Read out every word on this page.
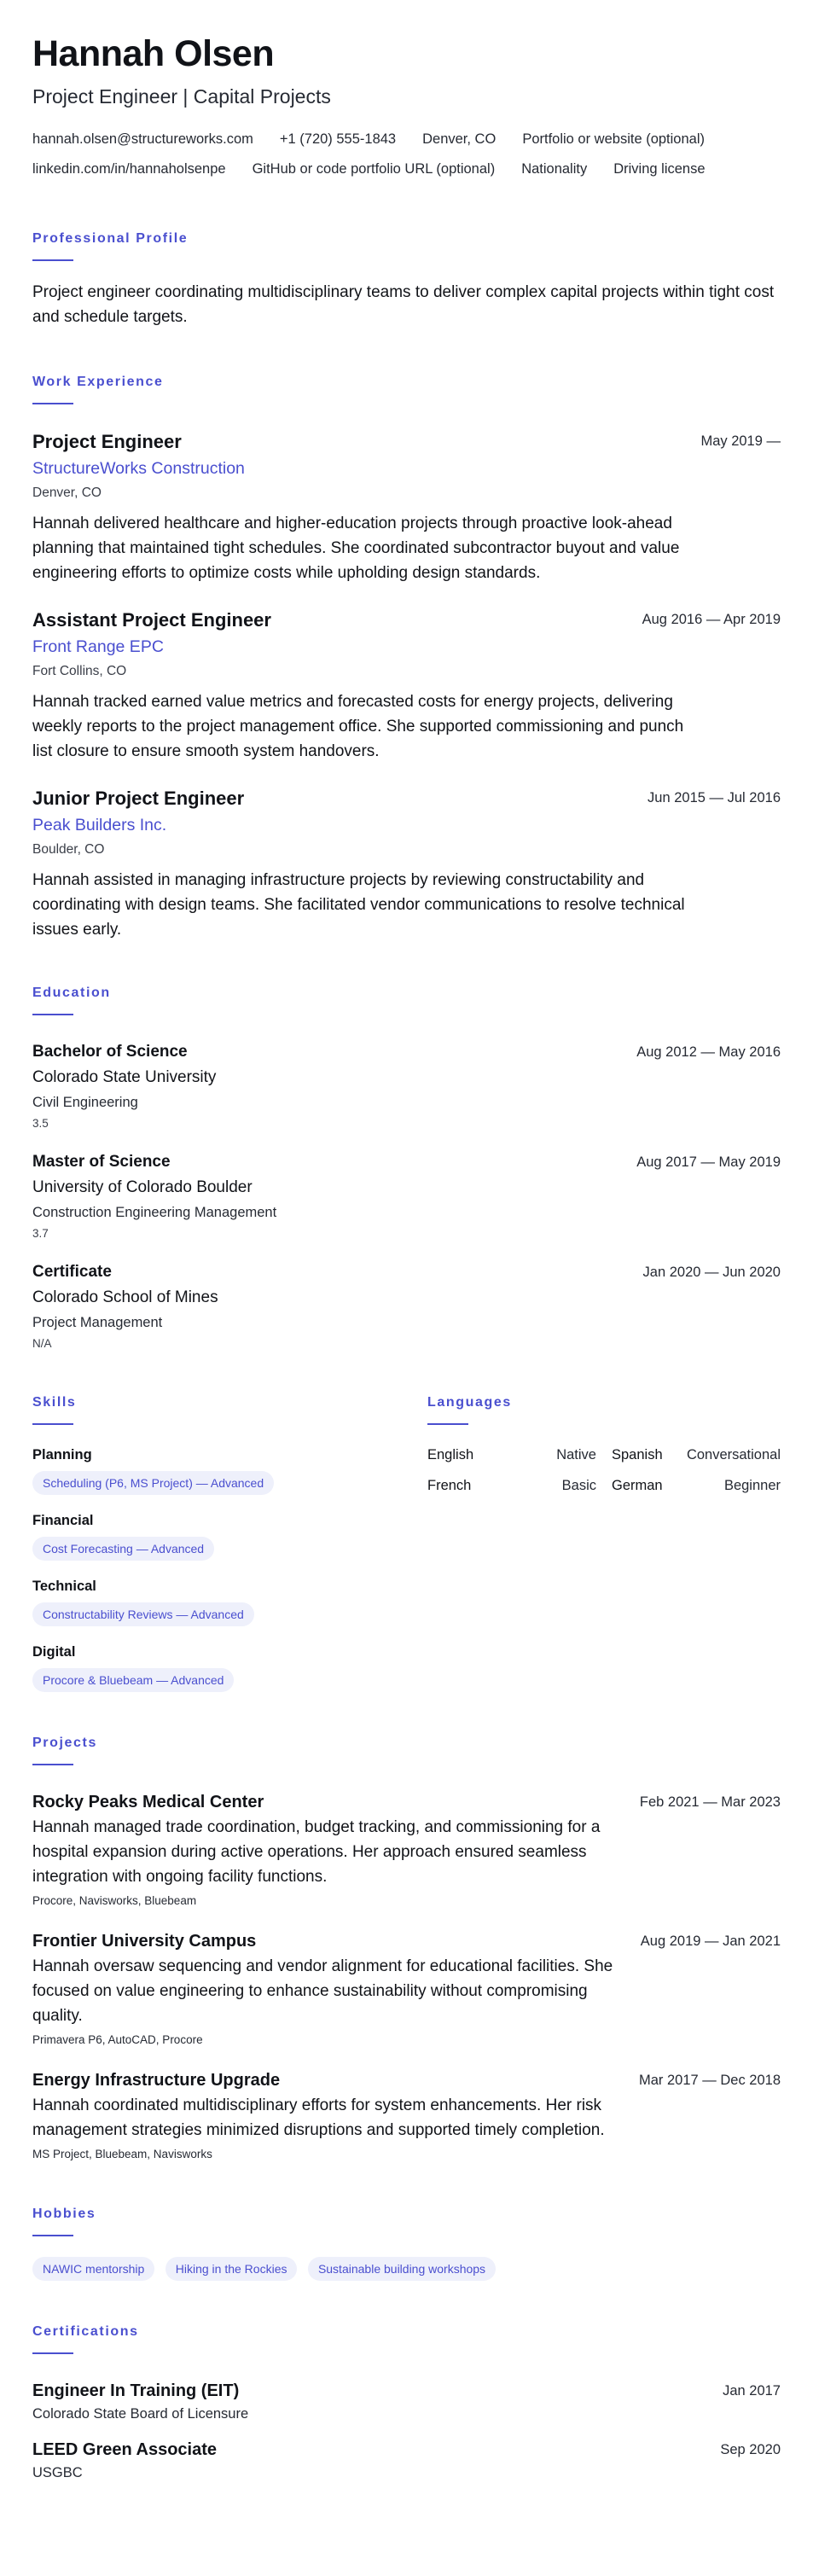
Hannah Olsen
Project Engineer | Capital Projects
hannah.olsen@structureworks.com +1 (720) 555-1843 Denver, CO Portfolio or website (optional)
linkedin.com/in/hannaholsenpe GitHub or code portfolio URL (optional) Nationality Driving license
Professional Profile
Project engineer coordinating multidisciplinary teams to deliver complex capital projects within tight cost and schedule targets.
Work Experience
Project Engineer	May 2019 —
StructureWorks Construction
Denver, CO
Hannah delivered healthcare and higher-education projects through proactive look-ahead planning that maintained tight schedules. She coordinated subcontractor buyout and value engineering efforts to optimize costs while upholding design standards.
Assistant Project Engineer	Aug 2016 — Apr 2019
Front Range EPC
Fort Collins, CO
Hannah tracked earned value metrics and forecasted costs for energy projects, delivering weekly reports to the project management office. She supported commissioning and punch list closure to ensure smooth system handovers.
Junior Project Engineer	Jun 2015 — Jul 2016
Peak Builders Inc.
Boulder, CO
Hannah assisted in managing infrastructure projects by reviewing constructability and coordinating with design teams. She facilitated vendor communications to resolve technical issues early.
Education
Bachelor of Science	Aug 2012 — May 2016
Colorado State University
Civil Engineering
3.5
Master of Science	Aug 2017 — May 2019
University of Colorado Boulder
Construction Engineering Management
3.7
Certificate	Jan 2020 — Jun 2020
Colorado School of Mines
Project Management
N/A
Skills
Planning
Scheduling (P6, MS Project) — Advanced
Financial
Cost Forecasting — Advanced
Technical
Constructability Reviews — Advanced
Digital
Procore & Bluebeam — Advanced
Languages
English	Native Spanish Conversational
French	Basic German	Beginner
Projects
Rocky Peaks Medical Center	Feb 2021 — Mar 2023
Hannah managed trade coordination, budget tracking, and commissioning for a hospital expansion during active operations. Her approach ensured seamless integration with ongoing facility functions.
Procore, Navisworks, Bluebeam
Frontier University Campus	Aug 2019 — Jan 2021
Hannah oversaw sequencing and vendor alignment for educational facilities. She focused on value engineering to enhance sustainability without compromising quality.
Primavera P6, AutoCAD, Procore
Energy Infrastructure Upgrade	Mar 2017 — Dec 2018
Hannah coordinated multidisciplinary efforts for system enhancements. Her risk management strategies minimized disruptions and supported timely completion.
MS Project, Bluebeam, Navisworks
Hobbies
NAWIC mentorship	Hiking in the Rockies	Sustainable building workshops
Certifications
Engineer In Training (EIT)	Jan 2017
Colorado State Board of Licensure
LEED Green Associate	Sep 2020
USGBC
